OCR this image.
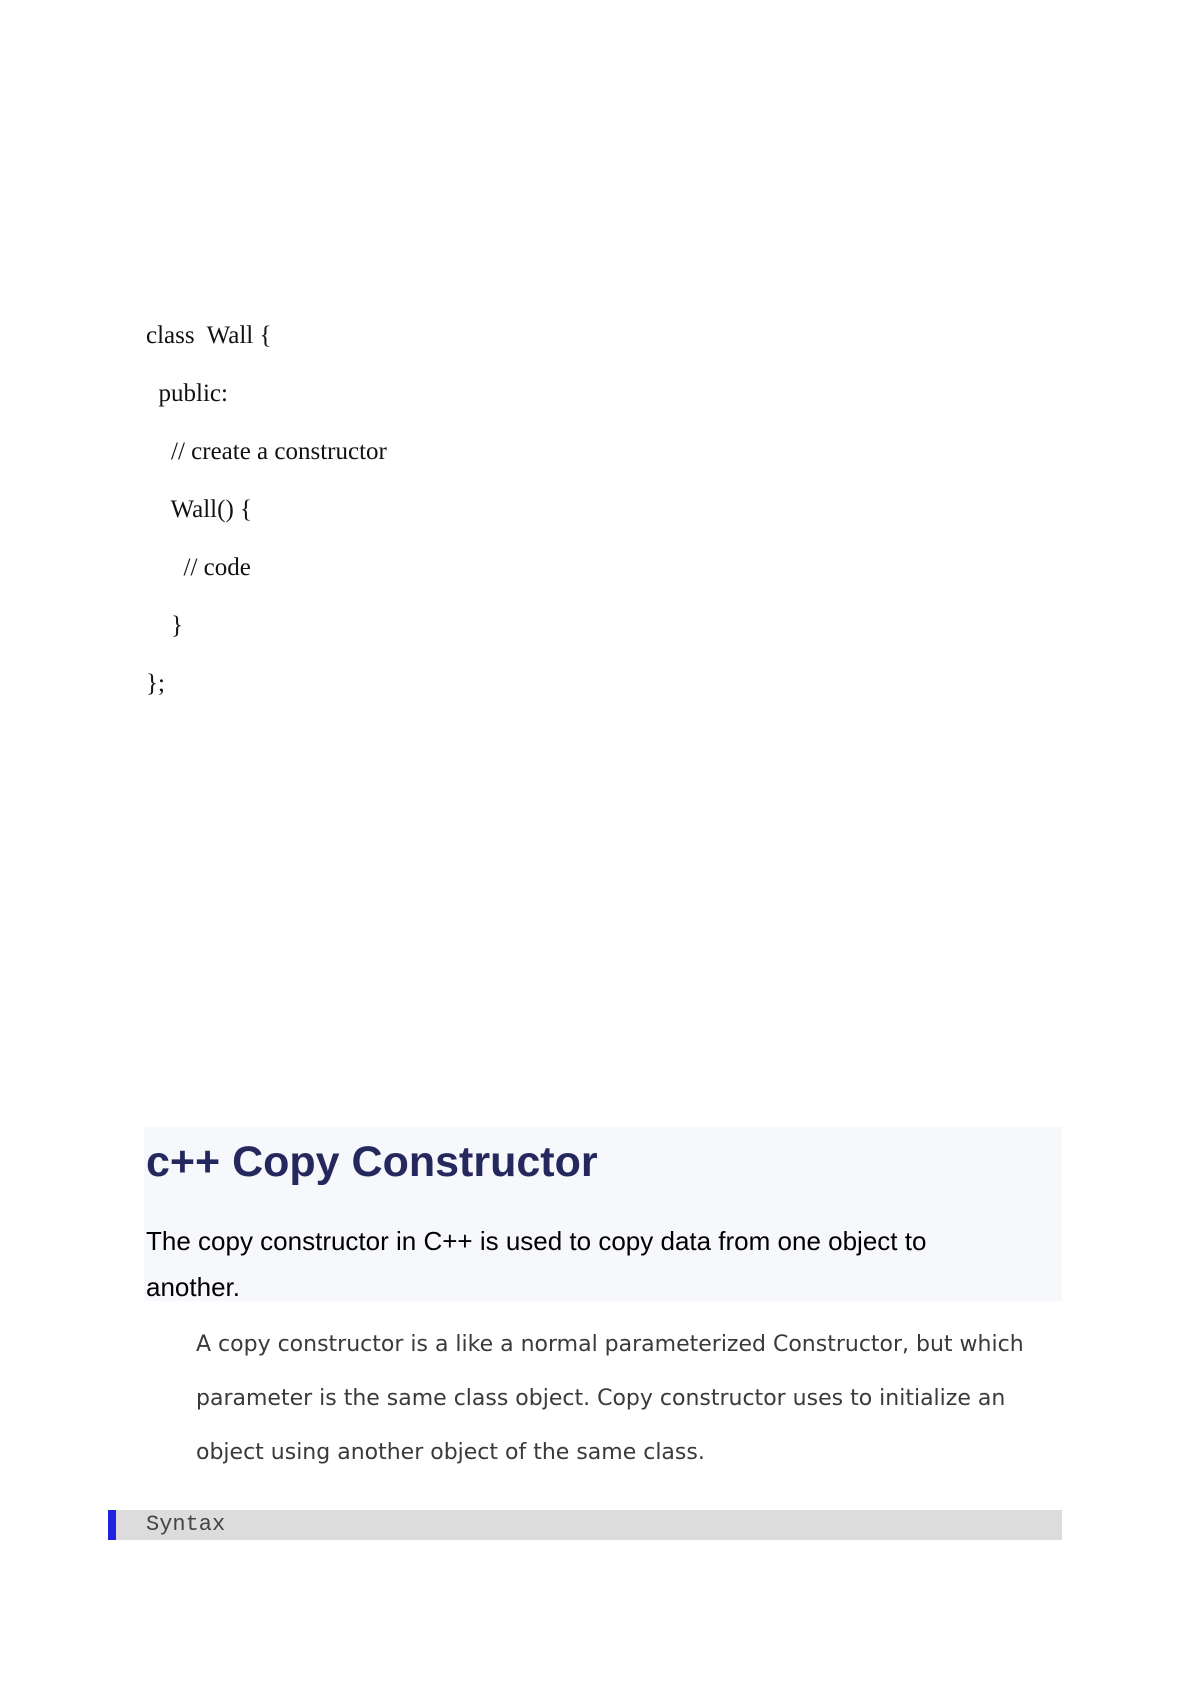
class  Wall {
public:
// create a constructor
Wall() {
// code
}
};
c++ Copy Constructor
The copy constructor in C++ is used to copy data from one object to another.
A copy constructor is a like a normal parameterized Constructor, but which parameter is the same class object. Copy constructor uses to initialize an object using another object of the same class.
Syntax
